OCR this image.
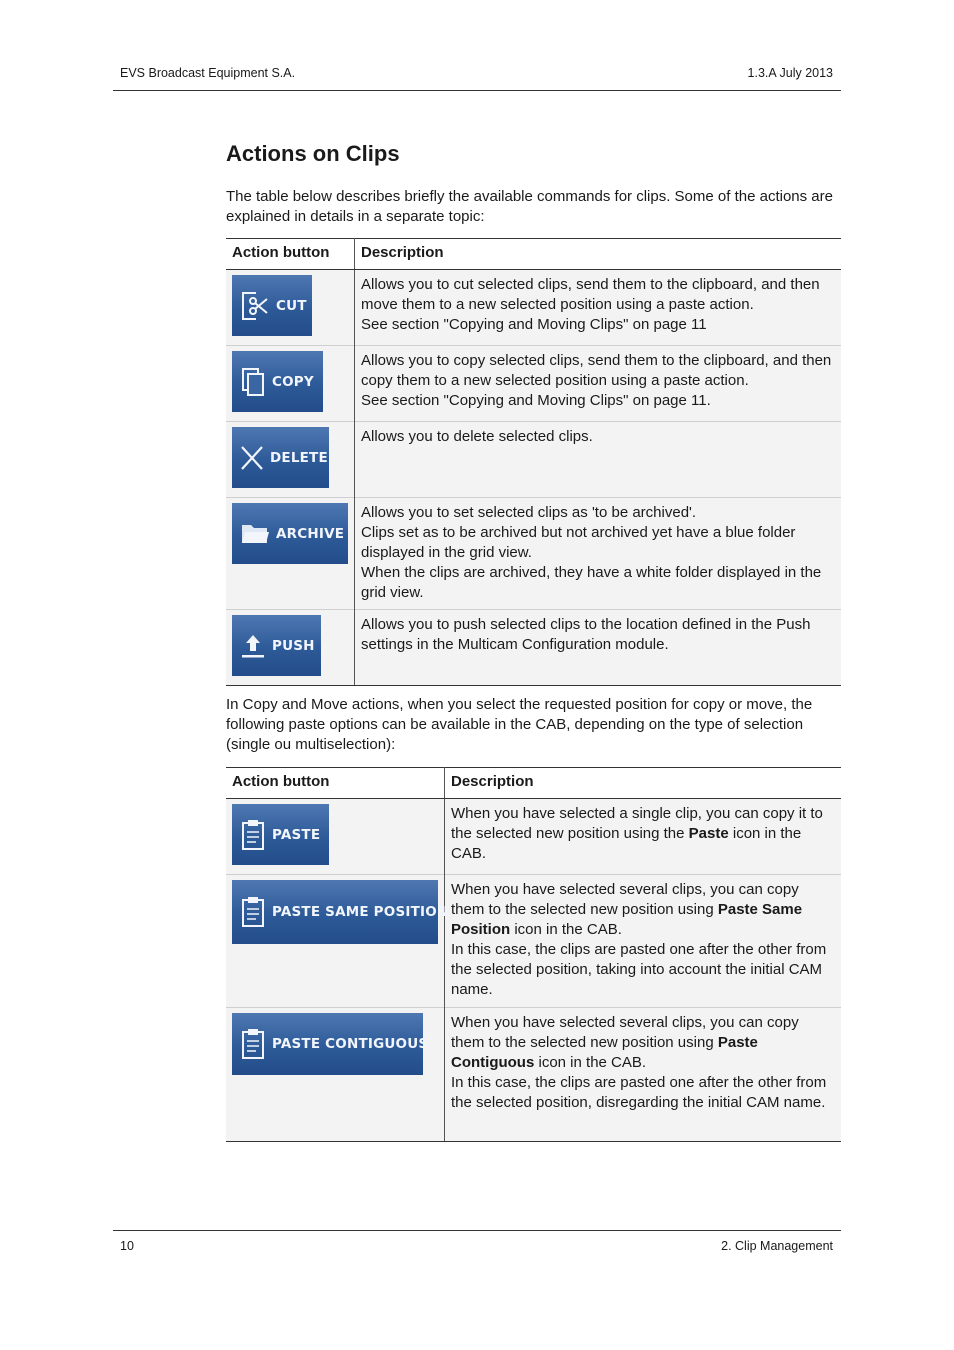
EVS Broadcast Equipment S.A.	1.3.A July 2013
Actions on Clips

The table below describes briefly the available commands for clips. Some of the actions are explained in details in a separate topic:

Action button	Description

CUT	Allows you to cut selected clips, send them to the clipboard, and then move them to a new selected position using a paste action.

See section "Copying and Moving Clips" on page 11

COPY	Allows you to copy selected clips, send them to the clipboard, and then copy them to a new selected position using a paste action.

See section "Copying and Moving Clips" on page 11.

DELETE	Allows you to delete selected clips.

ARCHIVE	Allows you to set selected clips as 'to be archived'.

Clips set as to be archived but not archived yet have a blue folder displayed in the grid view.

When the clips are archived, they have a white folder displayed in the grid view.

PUSH	Allows you to push selected clips to the location defined in the Push settings in the Multicam Configuration module.

In Copy and Move actions, when you select the requested position for copy or move, the following paste options can be available in the CAB, depending on the type of selection (single ou multiselection):

Action button	Description

PASTE	When you have selected a single clip, you can copy it to the selected new position using the Paste icon in the CAB.

PASTE SAME POSITION	When you have selected several clips, you can copy them to the selected new position using Paste Same Position icon in the CAB.

In this case, the clips are pasted one after the other from the selected position, taking into account the initial CAM name.

PASTE CONTIGUOUS	When you have selected several clips, you can copy them to the selected new position using Paste Contiguous icon in the CAB.

In this case, the clips are pasted one after the other from the selected position, disregarding the initial CAM name.

10	2. Clip Management
